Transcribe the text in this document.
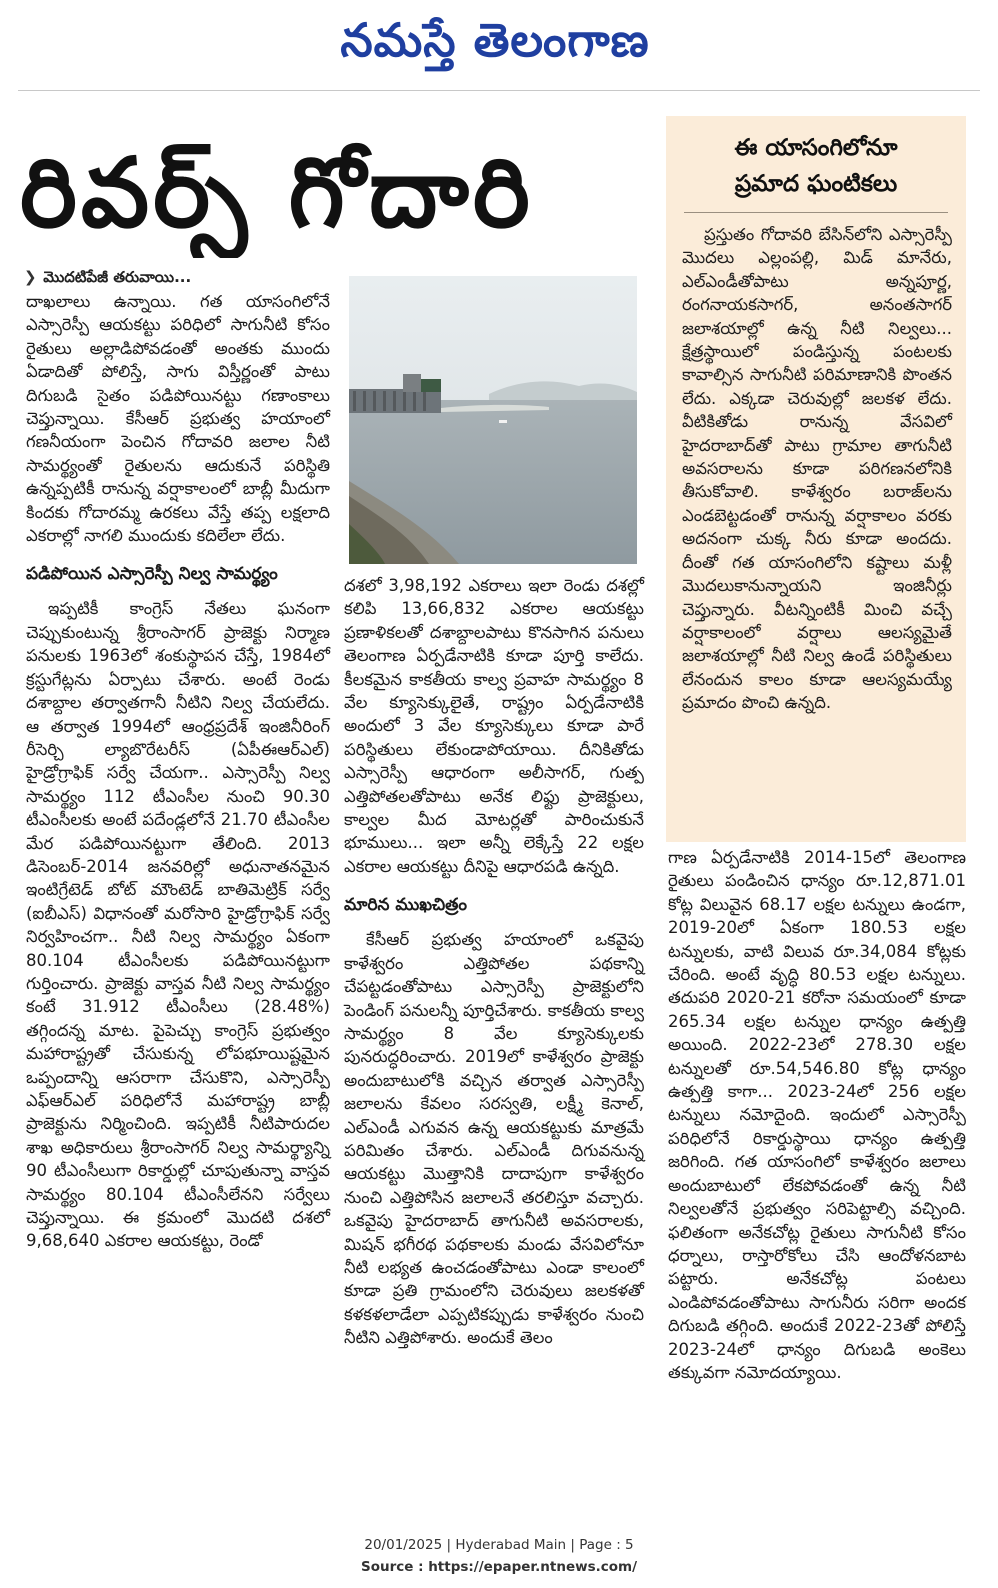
నమస్తే తెలంగాణ
రివర్స్ గోదారి
❯ మొదటిపేజీ తరువాయి...

దాఖలాలు ఉన్నాయి. గత యాసంగిలోనే ఎస్సారెస్పీ ఆయకట్టు పరిధిలో సాగునీటి కోసం రైతులు అల్లాడిపోవడంతో అంతకు ముందు ఏడాదితో పోలిస్తే, సాగు విస్తీర్ణంతో పాటు దిగుబడి సైతం పడిపోయినట్టు గణాంకాలు చెప్తున్నాయి. కేసీఆర్ ప్రభుత్వ హయాంలో గణనీయంగా పెంచిన గోదావరి జలాల నీటి సామర్థ్యంతో రైతులను ఆదుకునే పరిస్థితి ఉన్నప్పటికీ రానున్న వర్షాకాలంలో బాబ్లీ మీదుగా కిందకు గోదారమ్మ ఉరకలు వేస్తే తప్ప లక్షలాది ఎకరాల్లో నాగలి ముందుకు కదిలేలా లేదు.

పడిపోయిన ఎస్సారెస్పీ నిల్వ సామర్థ్యం

ఇప్పటికీ కాంగ్రెస్ నేతలు ఘనంగా చెప్పుకుంటున్న శ్రీరాంసాగర్ ప్రాజెక్టు నిర్మాణ పనులకు 1963లో శంకుస్థాపన చేస్తే, 1984లో క్రస్టుగేట్లను ఏర్పాటు చేశారు. అంటే రెండు దశాబ్దాల తర్వాతగానీ నీటిని నిల్వ చేయలేదు. ఆ తర్వాత 1994లో ఆంధ్రప్రదేశ్ ఇంజినీరింగ్ రీసెర్చి ల్యాబొరేటరీస్ (ఏపీఈఆర్‌ఎల్) హైడ్రోగ్రాఫిక్ సర్వే చేయగా.. ఎస్సారెస్పీ నిల్వ సామర్థ్యం 112 టీఎంసీల నుంచి 90.30 టీఎంసీలకు అంటే పదేండ్లలోనే 21.70 టీఎంసీల మేర పడిపోయినట్టుగా తేలింది. 2013 డిసెంబర్-2014 జనవరిల్లో అధునాతనమైన ఇంటిగ్రేటెడ్ బోట్ మౌంటెడ్ బాతిమెట్రిక్ సర్వే (ఐబీఎస్) విధానంతో మరోసారి హైడ్రోగ్రాఫిక్ సర్వే నిర్వహించగా.. నీటి నిల్వ సామర్థ్యం ఏకంగా 80.104 టీఎంసీలకు పడిపోయినట్టుగా గుర్తించారు. ప్రాజెక్టు వాస్తవ నీటి నిల్వ సామర్థ్యం కంటే 31.912 టీఎంసీలు (28.48%) తగ్గిందన్న మాట. పైపెచ్చు కాంగ్రెస్ ప్రభుత్వం మహారాష్ట్రతో చేసుకున్న లోపభూయిష్టమైన ఒప్పందాన్ని ఆసరాగా చేసుకొని, ఎస్సారెస్పీ ఎఫ్‌ఆర్‌ఎల్ పరిధిలోనే మహారాష్ట్ర బాబ్లీ ప్రాజెక్టును నిర్మించింది. ఇప్పటికీ నీటిపారుదల శాఖ అధికారులు శ్రీరాంసాగర్ నిల్వ సామర్థ్యాన్ని 90 టీఎంసీలుగా రికార్డుల్లో చూపుతున్నా వాస్తవ సామర్థ్యం 80.104 టీఎంసీలేనని సర్వేలు చెప్తున్నాయి. ఈ క్రమంలో మొదటి దశలో 9,68,640 ఎకరాల ఆయకట్టు, రెండో

దశలో 3,98,192 ఎకరాలు ఇలా రెండు దశల్లో కలిపి 13,66,832 ఎకరాల ఆయకట్టు ప్రణాళికలతో దశాబ్దాలపాటు కొనసాగిన పనులు తెలంగాణ ఏర్పడేనాటికి కూడా పూర్తి కాలేదు. కీలకమైన కాకతీయ కాల్వ ప్రవాహ సామర్థ్యం 8 వేల క్యూసెక్కులైతే, రాష్ట్రం ఏర్పడేనాటికి అందులో 3 వేల క్యూసెక్కులు కూడా పారే పరిస్థితులు లేకుండాపోయాయి. దీనికితోడు ఎస్సారెస్పీ ఆధారంగా అలీసాగర్, గుత్ప ఎత్తిపోతలతోపాటు అనేక లిఫ్టు ప్రాజెక్టులు, కాల్వల మీద మోటర్లతో పారించుకునే భూములు... ఇలా అన్నీ లెక్కేస్తే 22 లక్షల ఎకరాల ఆయకట్టు దీనిపై ఆధారపడి ఉన్నది.

మారిన ముఖచిత్రం

కేసీఆర్ ప్రభుత్వ హయాంలో ఒకవైపు కాళేశ్వరం ఎత్తిపోతల పథకాన్ని చేపట్టడంతోపాటు ఎస్సారెస్పీ ప్రాజెక్టులోని పెండింగ్ పనులన్నీ పూర్తిచేశారు. కాకతీయ కాల్వ సామర్థ్యం 8 వేల క్యూసెక్కులకు పునరుద్ధరించారు. 2019లో కాళేశ్వరం ప్రాజెక్టు అందుబాటులోకి వచ్చిన తర్వాత ఎస్సారెస్పీ జలాలను కేవలం సరస్వతి, లక్ష్మీ కెనాల్, ఎల్ఎండీ ఎగువన ఉన్న ఆయకట్టుకు మాత్రమే పరిమితం చేశారు. ఎల్ఎండీ దిగువనున్న ఆయకట్టు మొత్తానికి దాదాపుగా కాళేశ్వరం నుంచి ఎత్తిపోసిన జలాలనే తరలిస్తూ వచ్చారు. ఒకవైపు హైదరాబాద్ తాగునీటి అవసరాలకు, మిషన్ భగీరథ పథకాలకు మండు వేసవిలోనూ నీటి లభ్యత ఉంచడంతోపాటు ఎండా కాలంలో కూడా ప్రతి గ్రామంలోని చెరువులు జలకళతో కళకళలాడేలా ఎప్పటికప్పుడు కాళేశ్వరం నుంచి నీటిని ఎత్తిపోశారు. అందుకే తెలం

ఈ యాసంగిలోనూ
ప్రమాద ఘంటికలు
ప్రస్తుతం గోదావరి బేసిన్‌లోని ఎస్సారెస్పీ మొదలు ఎల్లంపల్లి, మిడ్ మానేరు, ఎల్ఎండీతోపాటు అన్నపూర్ణ, రంగనాయకసాగర్, అనంతసాగర్ జలాశయాల్లో ఉన్న నీటి నిల్వలు... క్షేత్రస్థాయిలో పండిస్తున్న పంటలకు కావాల్సిన సాగునీటి పరిమాణానికి పొంతన లేదు. ఎక్కడా చెరువుల్లో జలకళ లేదు. వీటికితోడు రానున్న వేసవిలో హైదరాబాద్‌తో పాటు గ్రామాల తాగునీటి అవసరాలను కూడా పరిగణనలోనికి తీసుకోవాలి. కాళేశ్వరం బరాజ్‌లను ఎండబెట్టడంతో రానున్న వర్షాకాలం వరకు అదనంగా చుక్క నీరు కూడా అందదు. దీంతో గత యాసంగిలోని కష్టాలు మళ్లీ మొదలుకానున్నాయని ఇంజినీర్లు చెప్తున్నారు. వీటన్నింటికీ మించి వచ్చే వర్షాకాలంలో వర్షాలు ఆలస్యమైతే జలాశయాల్లో నీటి నిల్వ ఉండే పరిస్థితులు లేనందున కాలం కూడా ఆలస్యమయ్యే ప్రమాదం పొంచి ఉన్నది.

గాణ ఏర్పడేనాటికి 2014-15లో తెలంగాణ రైతులు పండించిన ధాన్యం రూ.12,871.01 కోట్ల విలువైన 68.17 లక్షల టన్నులు ఉండగా, 2019-20లో ఏకంగా 180.53 లక్షల టన్నులకు, వాటి విలువ రూ.34,084 కోట్లకు చేరింది. అంటే వృద్ధి 80.53 లక్షల టన్నులు. తదుపరి 2020-21 కరోనా సమయంలో కూడా 265.34 లక్షల టన్నుల ధాన్యం ఉత్పత్తి అయింది. 2022-23లో 278.30 లక్షల టన్నులతో రూ.54,546.80 కోట్ల ధాన్యం ఉత్పత్తి కాగా... 2023-24లో 256 లక్షల టన్నులు నమోదైంది. ఇందులో ఎస్సారెస్పీ పరిధిలోనే రికార్డుస్థాయి ధాన్యం ఉత్పత్తి జరిగింది. గత యాసంగిలో కాళేశ్వరం జలాలు అందుబాటులో లేకపోవడంతో ఉన్న నీటి నిల్వలతోనే ప్రభుత్వం సరిపెట్టాల్సి వచ్చింది. ఫలితంగా అనేకచోట్ల రైతులు సాగునీటి కోసం ధర్నాలు, రాస్తారోకోలు చేసి ఆందోళనబాట పట్టారు. అనేకచోట్ల పంటలు ఎండిపోవడంతోపాటు సాగునీరు సరిగా అందక దిగుబడి తగ్గింది. అందుకే 2022-23తో పోలిస్తే 2023-24లో ధాన్యం దిగుబడి అంకెలు తక్కువగా నమోదయ్యాయి.

20/01/2025 | Hyderabad Main | Page : 5
Source : https://epaper.ntnews.com/
